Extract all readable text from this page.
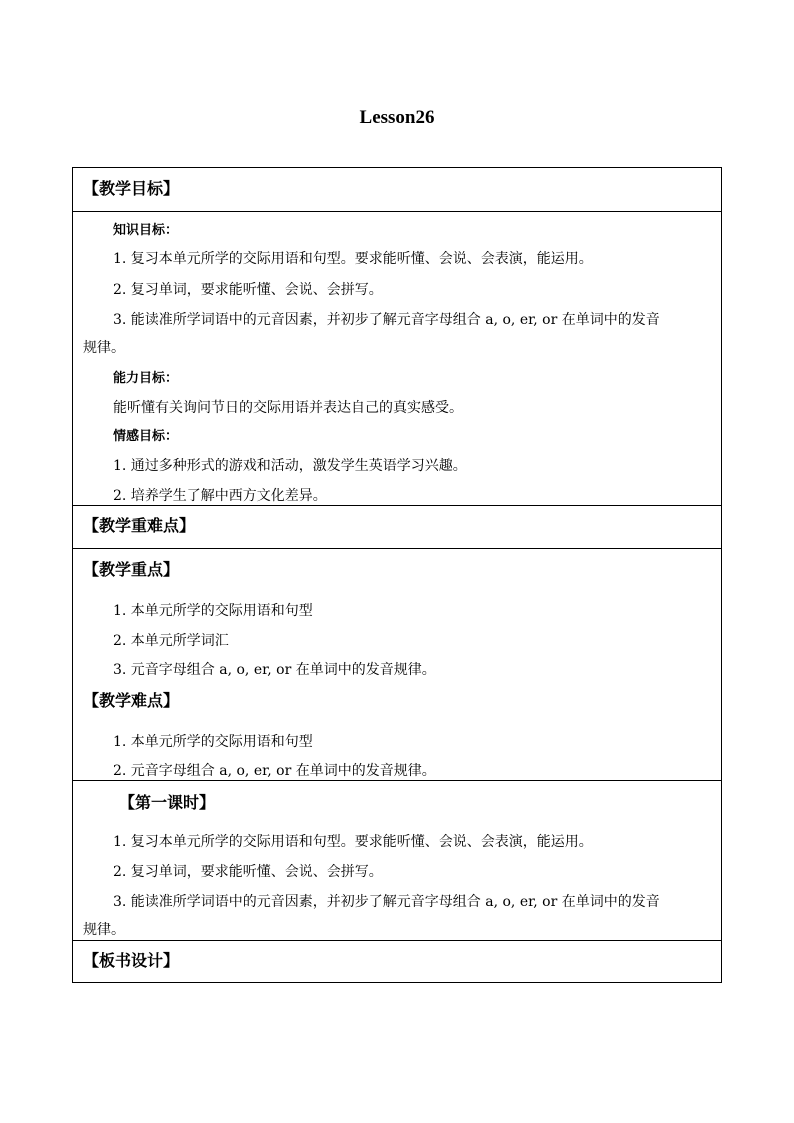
Lesson26
【教学目标】
知识目标：
1. 复习本单元所学的交际用语和句型。要求能听懂、会说、会表演，能运用。
2. 复习单词，要求能听懂、会说、会拼写。
3. 能读准所学词语中的元音因素，并初步了解元音字母组合 a, o, er, or 在单词中的发音
规律。
能力目标：
能听懂有关询问节日的交际用语并表达自己的真实感受。
情感目标：
1. 通过多种形式的游戏和活动，激发学生英语学习兴趣。
2. 培养学生了解中西方文化差异。
【教学重难点】
【教学重点】
1. 本单元所学的交际用语和句型
2. 本单元所学词汇
3. 元音字母组合 a, o, er, or 在单词中的发音规律。
【教学难点】
1. 本单元所学的交际用语和句型
2. 元音字母组合 a, o, er, or 在单词中的发音规律。
【第一课时】
1. 复习本单元所学的交际用语和句型。要求能听懂、会说、会表演，能运用。
2. 复习单词，要求能听懂、会说、会拼写。
3. 能读准所学词语中的元音因素，并初步了解元音字母组合 a, o, er, or 在单词中的发音
规律。
【板书设计】
